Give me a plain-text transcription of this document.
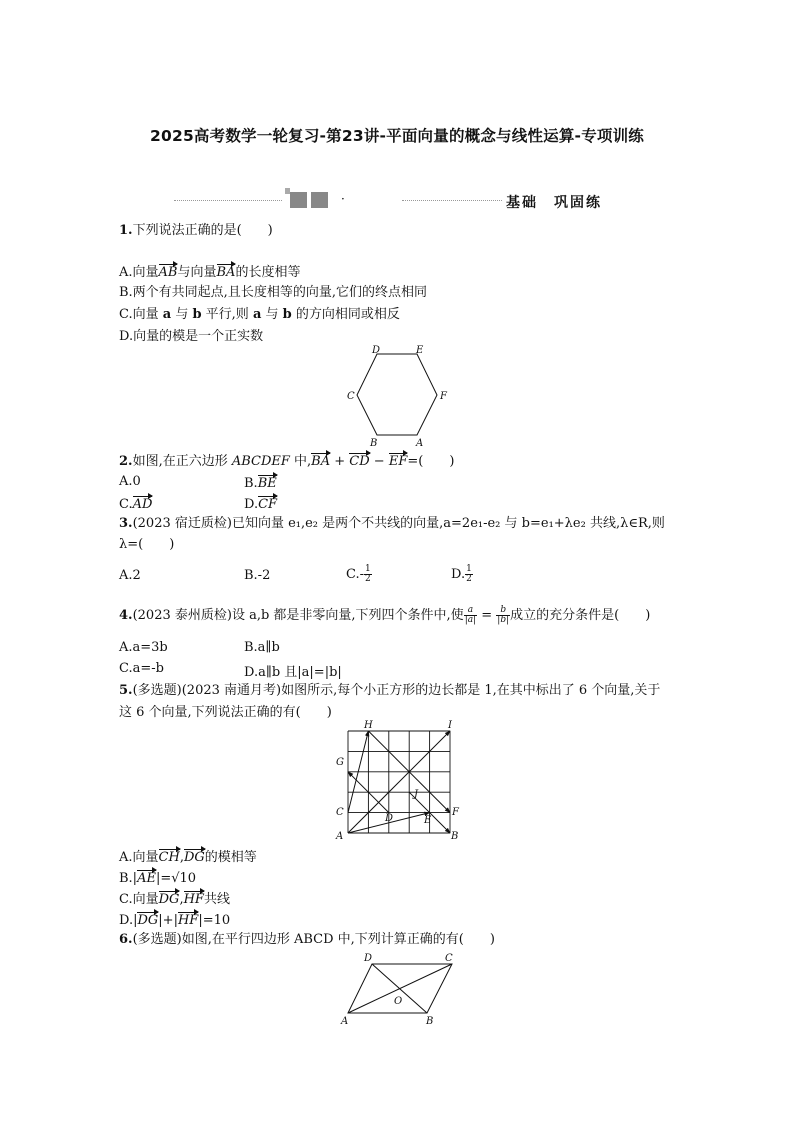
2025高考数学一轮复习-第23讲-平面向量的概念与线性运算-专项训练
·	基础　巩固练
1.下列说法正确的是(　　)
A.向量AB与向量BA的长度相等
B.两个有共同起点,且长度相等的向量,它们的终点相同
C.向量 a 与 b 平行,则 a 与 b 的方向相同或相反
D.向量的模是一个正实数
D	E
C	F
B	A
2.如图,在正六边形 ABCDEF 中,BA + CD − EF=(　　)
A.0	B.BE
C.AD	D.CF
3.(2023 宿迁质检)已知向量 e₁,e₂ 是两个不共线的向量,a=2e₁-e₂ 与 b=e₁+λe₂ 共线,λ∈R,则
λ=(　　)
A.2	B.-2	$C.- \frac{1}{2}$	D. $\frac{1}{2}$
4.(2023 泰州质检)设 a,b 都是非零向量,下列四个条件中,使 $\frac{a}{|a|} = \frac{b}{|b|}$ 成立的充分条件是(　　)
A.a=3b	B.a∥b
C.a=-b	D.a∥b 且|a|=|b|
5.(多选题)(2023 南通月考)如图所示,每个小正方形的边长都是 1,在其中标出了 6 个向量,关于
这 6 个向量,下列说法正确的有(　　)
H	I
G
C
J
F
D	E
A	B
A.向量CH,DG的模相等
B.|AE|=√10
C.向量DG,HF共线
D.|DG|+|HF|=10
6.(多选题)如图,在平行四边形 ABCD 中,下列计算正确的有(　　)
D	C
O
A	B
